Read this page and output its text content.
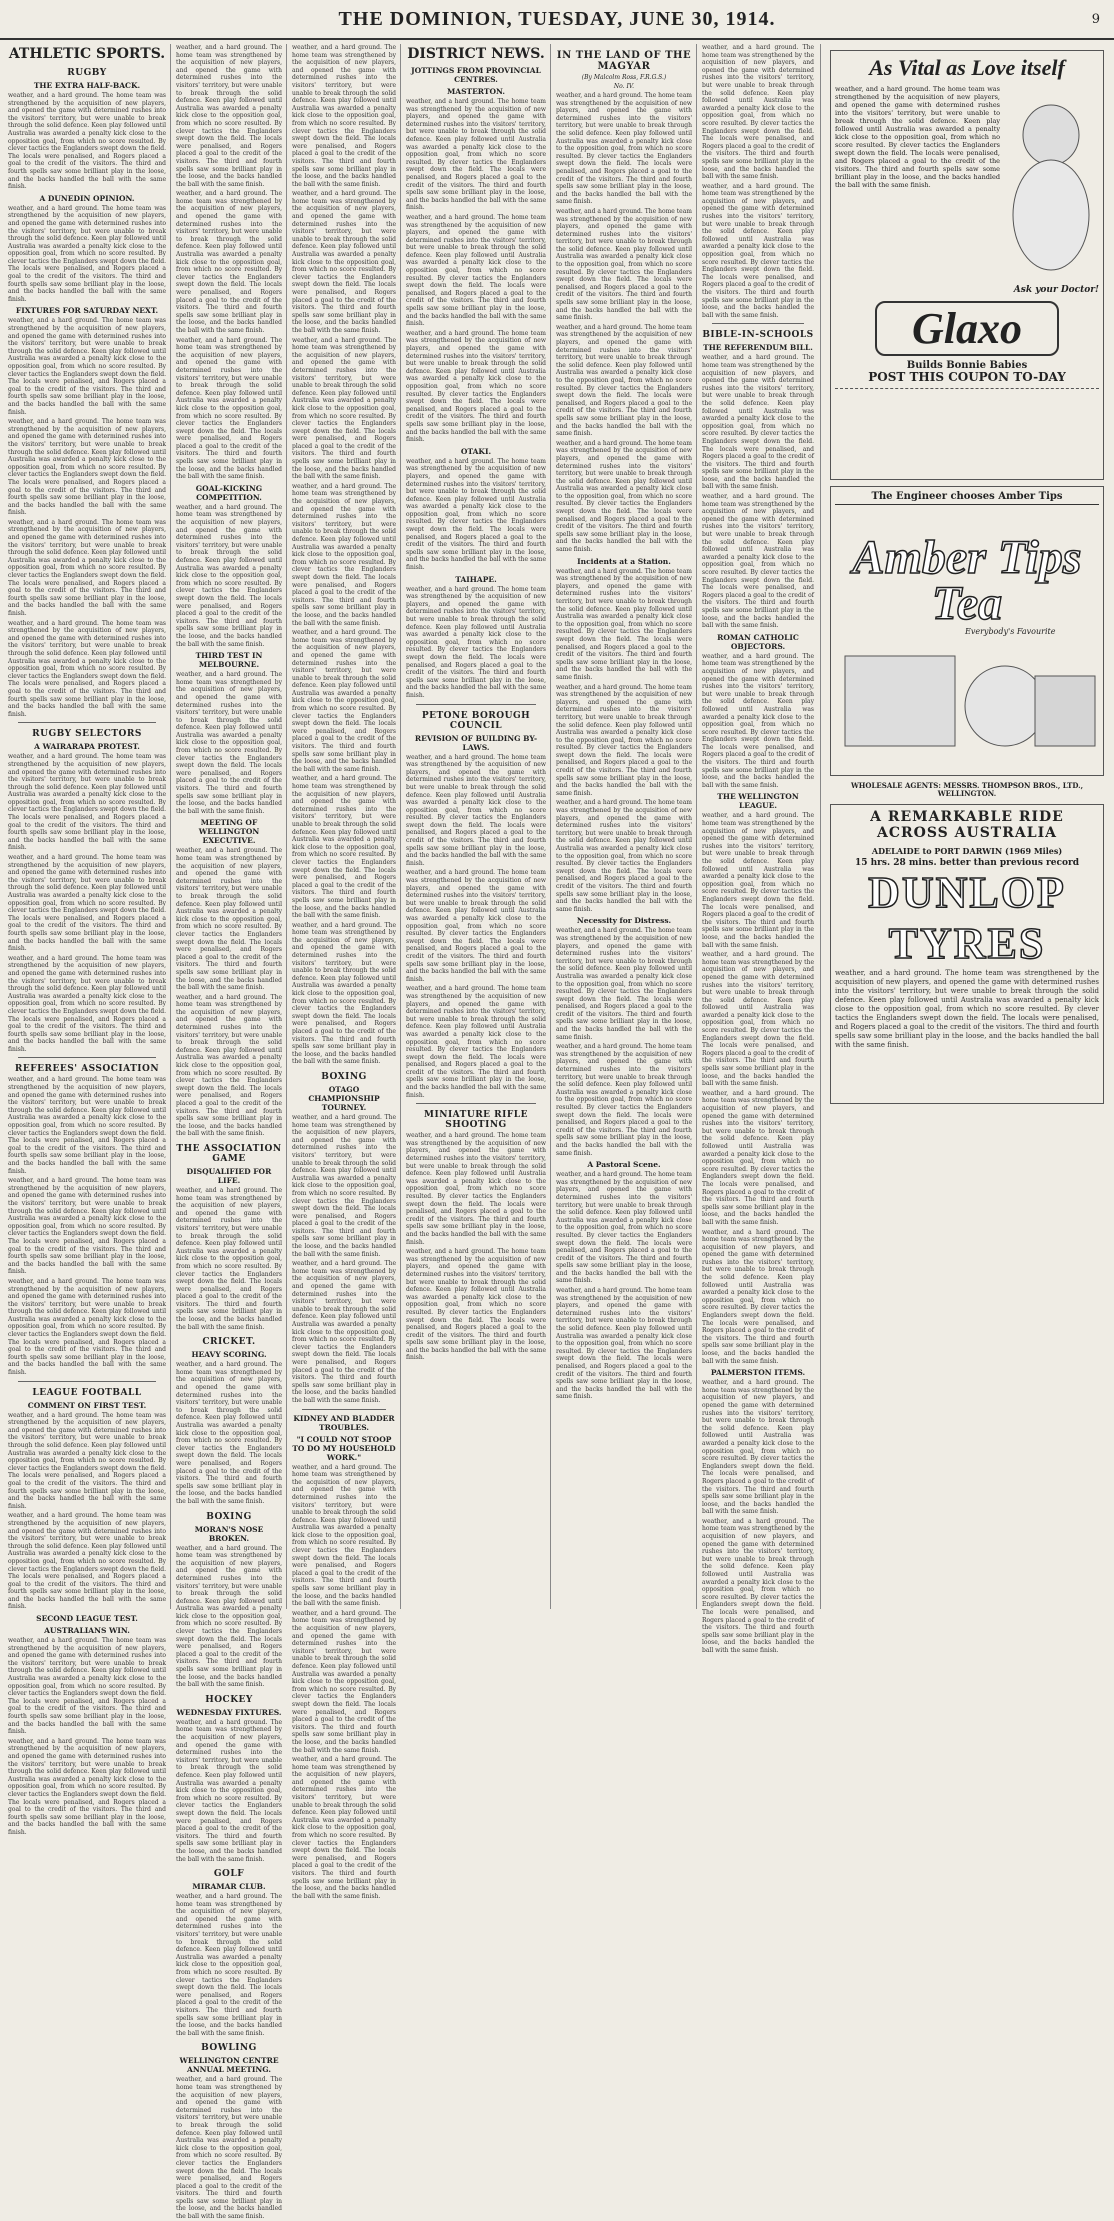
THE DOMINION, TUESDAY, JUNE 30, 1914.	9
ATHLETIC SPORTS.
RUGBY
THE EXTRA HALF-BACK.

weather, and a hard ground. The home team was strengthened by the acquisition of new players, and opened the game with determined rushes into the visitors' territory, but were unable to break through the solid defence. Keen play followed until Australia was awarded a penalty kick close to the opposition goal, from which no score resulted. By clever tactics the Englanders swept down the field. The locals were penalised, and Rogers placed a goal to the credit of the visitors. The third and fourth spells saw some brilliant play in the loose, and the backs handled the ball with the same finish.

A DUNEDIN OPINION.

weather, and a hard ground. The home team was strengthened by the acquisition of new players, and opened the game with determined rushes into the visitors' territory, but were unable to break through the solid defence. Keen play followed until Australia was awarded a penalty kick close to the opposition goal, from which no score resulted. By clever tactics the Englanders swept down the field. The locals were penalised, and Rogers placed a goal to the credit of the visitors. The third and fourth spells saw some brilliant play in the loose, and the backs handled the ball with the same finish.

FIXTURES FOR SATURDAY NEXT.

weather, and a hard ground. The home team was strengthened by the acquisition of new players, and opened the game with determined rushes into the visitors' territory, but were unable to break through the solid defence. Keen play followed until Australia was awarded a penalty kick close to the opposition goal, from which no score resulted. By clever tactics the Englanders swept down the field. The locals were penalised, and Rogers placed a goal to the credit of the visitors. The third and fourth spells saw some brilliant play in the loose, and the backs handled the ball with the same finish.

weather, and a hard ground. The home team was strengthened by the acquisition of new players, and opened the game with determined rushes into the visitors' territory, but were unable to break through the solid defence. Keen play followed until Australia was awarded a penalty kick close to the opposition goal, from which no score resulted. By clever tactics the Englanders swept down the field. The locals were penalised, and Rogers placed a goal to the credit of the visitors. The third and fourth spells saw some brilliant play in the loose, and the backs handled the ball with the same finish.

weather, and a hard ground. The home team was strengthened by the acquisition of new players, and opened the game with determined rushes into the visitors' territory, but were unable to break through the solid defence. Keen play followed until Australia was awarded a penalty kick close to the opposition goal, from which no score resulted. By clever tactics the Englanders swept down the field. The locals were penalised, and Rogers placed a goal to the credit of the visitors. The third and fourth spells saw some brilliant play in the loose, and the backs handled the ball with the same finish.

weather, and a hard ground. The home team was strengthened by the acquisition of new players, and opened the game with determined rushes into the visitors' territory, but were unable to break through the solid defence. Keen play followed until Australia was awarded a penalty kick close to the opposition goal, from which no score resulted. By clever tactics the Englanders swept down the field. The locals were penalised, and Rogers placed a goal to the credit of the visitors. The third and fourth spells saw some brilliant play in the loose, and the backs handled the ball with the same finish.

RUGBY SELECTORS
A WAIRARAPA PROTEST.

weather, and a hard ground. The home team was strengthened by the acquisition of new players, and opened the game with determined rushes into the visitors' territory, but were unable to break through the solid defence. Keen play followed until Australia was awarded a penalty kick close to the opposition goal, from which no score resulted. By clever tactics the Englanders swept down the field. The locals were penalised, and Rogers placed a goal to the credit of the visitors. The third and fourth spells saw some brilliant play in the loose, and the backs handled the ball with the same finish.

weather, and a hard ground. The home team was strengthened by the acquisition of new players, and opened the game with determined rushes into the visitors' territory, but were unable to break through the solid defence. Keen play followed until Australia was awarded a penalty kick close to the opposition goal, from which no score resulted. By clever tactics the Englanders swept down the field. The locals were penalised, and Rogers placed a goal to the credit of the visitors. The third and fourth spells saw some brilliant play in the loose, and the backs handled the ball with the same finish.

weather, and a hard ground. The home team was strengthened by the acquisition of new players, and opened the game with determined rushes into the visitors' territory, but were unable to break through the solid defence. Keen play followed until Australia was awarded a penalty kick close to the opposition goal, from which no score resulted. By clever tactics the Englanders swept down the field. The locals were penalised, and Rogers placed a goal to the credit of the visitors. The third and fourth spells saw some brilliant play in the loose, and the backs handled the ball with the same finish.

REFEREES' ASSOCIATION

weather, and a hard ground. The home team was strengthened by the acquisition of new players, and opened the game with determined rushes into the visitors' territory, but were unable to break through the solid defence. Keen play followed until Australia was awarded a penalty kick close to the opposition goal, from which no score resulted. By clever tactics the Englanders swept down the field. The locals were penalised, and Rogers placed a goal to the credit of the visitors. The third and fourth spells saw some brilliant play in the loose, and the backs handled the ball with the same finish.

weather, and a hard ground. The home team was strengthened by the acquisition of new players, and opened the game with determined rushes into the visitors' territory, but were unable to break through the solid defence. Keen play followed until Australia was awarded a penalty kick close to the opposition goal, from which no score resulted. By clever tactics the Englanders swept down the field. The locals were penalised, and Rogers placed a goal to the credit of the visitors. The third and fourth spells saw some brilliant play in the loose, and the backs handled the ball with the same finish.

weather, and a hard ground. The home team was strengthened by the acquisition of new players, and opened the game with determined rushes into the visitors' territory, but were unable to break through the solid defence. Keen play followed until Australia was awarded a penalty kick close to the opposition goal, from which no score resulted. By clever tactics the Englanders swept down the field. The locals were penalised, and Rogers placed a goal to the credit of the visitors. The third and fourth spells saw some brilliant play in the loose, and the backs handled the ball with the same finish.

LEAGUE FOOTBALL
COMMENT ON FIRST TEST.

weather, and a hard ground. The home team was strengthened by the acquisition of new players, and opened the game with determined rushes into the visitors' territory, but were unable to break through the solid defence. Keen play followed until Australia was awarded a penalty kick close to the opposition goal, from which no score resulted. By clever tactics the Englanders swept down the field. The locals were penalised, and Rogers placed a goal to the credit of the visitors. The third and fourth spells saw some brilliant play in the loose, and the backs handled the ball with the same finish.

weather, and a hard ground. The home team was strengthened by the acquisition of new players, and opened the game with determined rushes into the visitors' territory, but were unable to break through the solid defence. Keen play followed until Australia was awarded a penalty kick close to the opposition goal, from which no score resulted. By clever tactics the Englanders swept down the field. The locals were penalised, and Rogers placed a goal to the credit of the visitors. The third and fourth spells saw some brilliant play in the loose, and the backs handled the ball with the same finish.

SECOND LEAGUE TEST.
AUSTRALIANS WIN.

weather, and a hard ground. The home team was strengthened by the acquisition of new players, and opened the game with determined rushes into the visitors' territory, but were unable to break through the solid defence. Keen play followed until Australia was awarded a penalty kick close to the opposition goal, from which no score resulted. By clever tactics the Englanders swept down the field. The locals were penalised, and Rogers placed a goal to the credit of the visitors. The third and fourth spells saw some brilliant play in the loose, and the backs handled the ball with the same finish.

weather, and a hard ground. The home team was strengthened by the acquisition of new players, and opened the game with determined rushes into the visitors' territory, but were unable to break through the solid defence. Keen play followed until Australia was awarded a penalty kick close to the opposition goal, from which no score resulted. By clever tactics the Englanders swept down the field. The locals were penalised, and Rogers placed a goal to the credit of the visitors. The third and fourth spells saw some brilliant play in the loose, and the backs handled the ball with the same finish.

weather, and a hard ground. The home team was strengthened by the acquisition of new players, and opened the game with determined rushes into the visitors' territory, but were unable to break through the solid defence. Keen play followed until Australia was awarded a penalty kick close to the opposition goal, from which no score resulted. By clever tactics the Englanders swept down the field. The locals were penalised, and Rogers placed a goal to the credit of the visitors. The third and fourth spells saw some brilliant play in the loose, and the backs handled the ball with the same finish.

weather, and a hard ground. The home team was strengthened by the acquisition of new players, and opened the game with determined rushes into the visitors' territory, but were unable to break through the solid defence. Keen play followed until Australia was awarded a penalty kick close to the opposition goal, from which no score resulted. By clever tactics the Englanders swept down the field. The locals were penalised, and Rogers placed a goal to the credit of the visitors. The third and fourth spells saw some brilliant play in the loose, and the backs handled the ball with the same finish.

weather, and a hard ground. The home team was strengthened by the acquisition of new players, and opened the game with determined rushes into the visitors' territory, but were unable to break through the solid defence. Keen play followed until Australia was awarded a penalty kick close to the opposition goal, from which no score resulted. By clever tactics the Englanders swept down the field. The locals were penalised, and Rogers placed a goal to the credit of the visitors. The third and fourth spells saw some brilliant play in the loose, and the backs handled the ball with the same finish.

GOAL-KICKING COMPETITION.

weather, and a hard ground. The home team was strengthened by the acquisition of new players, and opened the game with determined rushes into the visitors' territory, but were unable to break through the solid defence. Keen play followed until Australia was awarded a penalty kick close to the opposition goal, from which no score resulted. By clever tactics the Englanders swept down the field. The locals were penalised, and Rogers placed a goal to the credit of the visitors. The third and fourth spells saw some brilliant play in the loose, and the backs handled the ball with the same finish.

THIRD TEST IN MELBOURNE.

weather, and a hard ground. The home team was strengthened by the acquisition of new players, and opened the game with determined rushes into the visitors' territory, but were unable to break through the solid defence. Keen play followed until Australia was awarded a penalty kick close to the opposition goal, from which no score resulted. By clever tactics the Englanders swept down the field. The locals were penalised, and Rogers placed a goal to the credit of the visitors. The third and fourth spells saw some brilliant play in the loose, and the backs handled the ball with the same finish.

MEETING OF WELLINGTON EXECUTIVE.

weather, and a hard ground. The home team was strengthened by the acquisition of new players, and opened the game with determined rushes into the visitors' territory, but were unable to break through the solid defence. Keen play followed until Australia was awarded a penalty kick close to the opposition goal, from which no score resulted. By clever tactics the Englanders swept down the field. The locals were penalised, and Rogers placed a goal to the credit of the visitors. The third and fourth spells saw some brilliant play in the loose, and the backs handled the ball with the same finish.

weather, and a hard ground. The home team was strengthened by the acquisition of new players, and opened the game with determined rushes into the visitors' territory, but were unable to break through the solid defence. Keen play followed until Australia was awarded a penalty kick close to the opposition goal, from which no score resulted. By clever tactics the Englanders swept down the field. The locals were penalised, and Rogers placed a goal to the credit of the visitors. The third and fourth spells saw some brilliant play in the loose, and the backs handled the ball with the same finish.

THE ASSOCIATION GAME
DISQUALIFIED FOR LIFE.

weather, and a hard ground. The home team was strengthened by the acquisition of new players, and opened the game with determined rushes into the visitors' territory, but were unable to break through the solid defence. Keen play followed until Australia was awarded a penalty kick close to the opposition goal, from which no score resulted. By clever tactics the Englanders swept down the field. The locals were penalised, and Rogers placed a goal to the credit of the visitors. The third and fourth spells saw some brilliant play in the loose, and the backs handled the ball with the same finish.

CRICKET.
HEAVY SCORING.

weather, and a hard ground. The home team was strengthened by the acquisition of new players, and opened the game with determined rushes into the visitors' territory, but were unable to break through the solid defence. Keen play followed until Australia was awarded a penalty kick close to the opposition goal, from which no score resulted. By clever tactics the Englanders swept down the field. The locals were penalised, and Rogers placed a goal to the credit of the visitors. The third and fourth spells saw some brilliant play in the loose, and the backs handled the ball with the same finish.

BOXING
MORAN'S NOSE BROKEN.

weather, and a hard ground. The home team was strengthened by the acquisition of new players, and opened the game with determined rushes into the visitors' territory, but were unable to break through the solid defence. Keen play followed until Australia was awarded a penalty kick close to the opposition goal, from which no score resulted. By clever tactics the Englanders swept down the field. The locals were penalised, and Rogers placed a goal to the credit of the visitors. The third and fourth spells saw some brilliant play in the loose, and the backs handled the ball with the same finish.

HOCKEY
WEDNESDAY FIXTURES.

weather, and a hard ground. The home team was strengthened by the acquisition of new players, and opened the game with determined rushes into the visitors' territory, but were unable to break through the solid defence. Keen play followed until Australia was awarded a penalty kick close to the opposition goal, from which no score resulted. By clever tactics the Englanders swept down the field. The locals were penalised, and Rogers placed a goal to the credit of the visitors. The third and fourth spells saw some brilliant play in the loose, and the backs handled the ball with the same finish.

GOLF
MIRAMAR CLUB.

weather, and a hard ground. The home team was strengthened by the acquisition of new players, and opened the game with determined rushes into the visitors' territory, but were unable to break through the solid defence. Keen play followed until Australia was awarded a penalty kick close to the opposition goal, from which no score resulted. By clever tactics the Englanders swept down the field. The locals were penalised, and Rogers placed a goal to the credit of the visitors. The third and fourth spells saw some brilliant play in the loose, and the backs handled the ball with the same finish.

BOWLING
WELLINGTON CENTRE ANNUAL MEETING.

weather, and a hard ground. The home team was strengthened by the acquisition of new players, and opened the game with determined rushes into the visitors' territory, but were unable to break through the solid defence. Keen play followed until Australia was awarded a penalty kick close to the opposition goal, from which no score resulted. By clever tactics the Englanders swept down the field. The locals were penalised, and Rogers placed a goal to the credit of the visitors. The third and fourth spells saw some brilliant play in the loose, and the backs handled the ball with the same finish.

weather, and a hard ground. The home team was strengthened by the acquisition of new players, and opened the game with determined rushes into the visitors' territory, but were unable to break through the solid defence. Keen play followed until Australia was awarded a penalty kick close to the opposition goal, from which no score resulted. By clever tactics the Englanders swept down the field. The locals were penalised, and Rogers placed a goal to the credit of the visitors. The third and fourth spells saw some brilliant play in the loose, and the backs handled the ball with the same finish.

weather, and a hard ground. The home team was strengthened by the acquisition of new players, and opened the game with determined rushes into the visitors' territory, but were unable to break through the solid defence. Keen play followed until Australia was awarded a penalty kick close to the opposition goal, from which no score resulted. By clever tactics the Englanders swept down the field. The locals were penalised, and Rogers placed a goal to the credit of the visitors. The third and fourth spells saw some brilliant play in the loose, and the backs handled the ball with the same finish.

weather, and a hard ground. The home team was strengthened by the acquisition of new players, and opened the game with determined rushes into the visitors' territory, but were unable to break through the solid defence. Keen play followed until Australia was awarded a penalty kick close to the opposition goal, from which no score resulted. By clever tactics the Englanders swept down the field. The locals were penalised, and Rogers placed a goal to the credit of the visitors. The third and fourth spells saw some brilliant play in the loose, and the backs handled the ball with the same finish.

weather, and a hard ground. The home team was strengthened by the acquisition of new players, and opened the game with determined rushes into the visitors' territory, but were unable to break through the solid defence. Keen play followed until Australia was awarded a penalty kick close to the opposition goal, from which no score resulted. By clever tactics the Englanders swept down the field. The locals were penalised, and Rogers placed a goal to the credit of the visitors. The third and fourth spells saw some brilliant play in the loose, and the backs handled the ball with the same finish.

weather, and a hard ground. The home team was strengthened by the acquisition of new players, and opened the game with determined rushes into the visitors' territory, but were unable to break through the solid defence. Keen play followed until Australia was awarded a penalty kick close to the opposition goal, from which no score resulted. By clever tactics the Englanders swept down the field. The locals were penalised, and Rogers placed a goal to the credit of the visitors. The third and fourth spells saw some brilliant play in the loose, and the backs handled the ball with the same finish.

weather, and a hard ground. The home team was strengthened by the acquisition of new players, and opened the game with determined rushes into the visitors' territory, but were unable to break through the solid defence. Keen play followed until Australia was awarded a penalty kick close to the opposition goal, from which no score resulted. By clever tactics the Englanders swept down the field. The locals were penalised, and Rogers placed a goal to the credit of the visitors. The third and fourth spells saw some brilliant play in the loose, and the backs handled the ball with the same finish.

weather, and a hard ground. The home team was strengthened by the acquisition of new players, and opened the game with determined rushes into the visitors' territory, but were unable to break through the solid defence. Keen play followed until Australia was awarded a penalty kick close to the opposition goal, from which no score resulted. By clever tactics the Englanders swept down the field. The locals were penalised, and Rogers placed a goal to the credit of the visitors. The third and fourth spells saw some brilliant play in the loose, and the backs handled the ball with the same finish.

BOXING
OTAGO CHAMPIONSHIP TOURNEY.

weather, and a hard ground. The home team was strengthened by the acquisition of new players, and opened the game with determined rushes into the visitors' territory, but were unable to break through the solid defence. Keen play followed until Australia was awarded a penalty kick close to the opposition goal, from which no score resulted. By clever tactics the Englanders swept down the field. The locals were penalised, and Rogers placed a goal to the credit of the visitors. The third and fourth spells saw some brilliant play in the loose, and the backs handled the ball with the same finish.

weather, and a hard ground. The home team was strengthened by the acquisition of new players, and opened the game with determined rushes into the visitors' territory, but were unable to break through the solid defence. Keen play followed until Australia was awarded a penalty kick close to the opposition goal, from which no score resulted. By clever tactics the Englanders swept down the field. The locals were penalised, and Rogers placed a goal to the credit of the visitors. The third and fourth spells saw some brilliant play in the loose, and the backs handled the ball with the same finish.

KIDNEY AND BLADDER TROUBLES.
"I COULD NOT STOOP TO DO MY HOUSEHOLD WORK."

weather, and a hard ground. The home team was strengthened by the acquisition of new players, and opened the game with determined rushes into the visitors' territory, but were unable to break through the solid defence. Keen play followed until Australia was awarded a penalty kick close to the opposition goal, from which no score resulted. By clever tactics the Englanders swept down the field. The locals were penalised, and Rogers placed a goal to the credit of the visitors. The third and fourth spells saw some brilliant play in the loose, and the backs handled the ball with the same finish.

weather, and a hard ground. The home team was strengthened by the acquisition of new players, and opened the game with determined rushes into the visitors' territory, but were unable to break through the solid defence. Keen play followed until Australia was awarded a penalty kick close to the opposition goal, from which no score resulted. By clever tactics the Englanders swept down the field. The locals were penalised, and Rogers placed a goal to the credit of the visitors. The third and fourth spells saw some brilliant play in the loose, and the backs handled the ball with the same finish.

weather, and a hard ground. The home team was strengthened by the acquisition of new players, and opened the game with determined rushes into the visitors' territory, but were unable to break through the solid defence. Keen play followed until Australia was awarded a penalty kick close to the opposition goal, from which no score resulted. By clever tactics the Englanders swept down the field. The locals were penalised, and Rogers placed a goal to the credit of the visitors. The third and fourth spells saw some brilliant play in the loose, and the backs handled the ball with the same finish.

DISTRICT NEWS.
JOTTINGS FROM PROVINCIAL CENTRES.
MASTERTON.

weather, and a hard ground. The home team was strengthened by the acquisition of new players, and opened the game with determined rushes into the visitors' territory, but were unable to break through the solid defence. Keen play followed until Australia was awarded a penalty kick close to the opposition goal, from which no score resulted. By clever tactics the Englanders swept down the field. The locals were penalised, and Rogers placed a goal to the credit of the visitors. The third and fourth spells saw some brilliant play in the loose, and the backs handled the ball with the same finish.

weather, and a hard ground. The home team was strengthened by the acquisition of new players, and opened the game with determined rushes into the visitors' territory, but were unable to break through the solid defence. Keen play followed until Australia was awarded a penalty kick close to the opposition goal, from which no score resulted. By clever tactics the Englanders swept down the field. The locals were penalised, and Rogers placed a goal to the credit of the visitors. The third and fourth spells saw some brilliant play in the loose, and the backs handled the ball with the same finish.

weather, and a hard ground. The home team was strengthened by the acquisition of new players, and opened the game with determined rushes into the visitors' territory, but were unable to break through the solid defence. Keen play followed until Australia was awarded a penalty kick close to the opposition goal, from which no score resulted. By clever tactics the Englanders swept down the field. The locals were penalised, and Rogers placed a goal to the credit of the visitors. The third and fourth spells saw some brilliant play in the loose, and the backs handled the ball with the same finish.

OTAKI.

weather, and a hard ground. The home team was strengthened by the acquisition of new players, and opened the game with determined rushes into the visitors' territory, but were unable to break through the solid defence. Keen play followed until Australia was awarded a penalty kick close to the opposition goal, from which no score resulted. By clever tactics the Englanders swept down the field. The locals were penalised, and Rogers placed a goal to the credit of the visitors. The third and fourth spells saw some brilliant play in the loose, and the backs handled the ball with the same finish.

TAIHAPE.

weather, and a hard ground. The home team was strengthened by the acquisition of new players, and opened the game with determined rushes into the visitors' territory, but were unable to break through the solid defence. Keen play followed until Australia was awarded a penalty kick close to the opposition goal, from which no score resulted. By clever tactics the Englanders swept down the field. The locals were penalised, and Rogers placed a goal to the credit of the visitors. The third and fourth spells saw some brilliant play in the loose, and the backs handled the ball with the same finish.

PETONE BOROUGH COUNCIL
REVISION OF BUILDING BY-LAWS.

weather, and a hard ground. The home team was strengthened by the acquisition of new players, and opened the game with determined rushes into the visitors' territory, but were unable to break through the solid defence. Keen play followed until Australia was awarded a penalty kick close to the opposition goal, from which no score resulted. By clever tactics the Englanders swept down the field. The locals were penalised, and Rogers placed a goal to the credit of the visitors. The third and fourth spells saw some brilliant play in the loose, and the backs handled the ball with the same finish.

weather, and a hard ground. The home team was strengthened by the acquisition of new players, and opened the game with determined rushes into the visitors' territory, but were unable to break through the solid defence. Keen play followed until Australia was awarded a penalty kick close to the opposition goal, from which no score resulted. By clever tactics the Englanders swept down the field. The locals were penalised, and Rogers placed a goal to the credit of the visitors. The third and fourth spells saw some brilliant play in the loose, and the backs handled the ball with the same finish.

weather, and a hard ground. The home team was strengthened by the acquisition of new players, and opened the game with determined rushes into the visitors' territory, but were unable to break through the solid defence. Keen play followed until Australia was awarded a penalty kick close to the opposition goal, from which no score resulted. By clever tactics the Englanders swept down the field. The locals were penalised, and Rogers placed a goal to the credit of the visitors. The third and fourth spells saw some brilliant play in the loose, and the backs handled the ball with the same finish.

MINIATURE RIFLE SHOOTING

weather, and a hard ground. The home team was strengthened by the acquisition of new players, and opened the game with determined rushes into the visitors' territory, but were unable to break through the solid defence. Keen play followed until Australia was awarded a penalty kick close to the opposition goal, from which no score resulted. By clever tactics the Englanders swept down the field. The locals were penalised, and Rogers placed a goal to the credit of the visitors. The third and fourth spells saw some brilliant play in the loose, and the backs handled the ball with the same finish.

weather, and a hard ground. The home team was strengthened by the acquisition of new players, and opened the game with determined rushes into the visitors' territory, but were unable to break through the solid defence. Keen play followed until Australia was awarded a penalty kick close to the opposition goal, from which no score resulted. By clever tactics the Englanders swept down the field. The locals were penalised, and Rogers placed a goal to the credit of the visitors. The third and fourth spells saw some brilliant play in the loose, and the backs handled the ball with the same finish.

IN THE LAND OF THE MAGYAR

(By Malcolm Ross, F.R.G.S.)

No. IV.

weather, and a hard ground. The home team was strengthened by the acquisition of new players, and opened the game with determined rushes into the visitors' territory, but were unable to break through the solid defence. Keen play followed until Australia was awarded a penalty kick close to the opposition goal, from which no score resulted. By clever tactics the Englanders swept down the field. The locals were penalised, and Rogers placed a goal to the credit of the visitors. The third and fourth spells saw some brilliant play in the loose, and the backs handled the ball with the same finish.

weather, and a hard ground. The home team was strengthened by the acquisition of new players, and opened the game with determined rushes into the visitors' territory, but were unable to break through the solid defence. Keen play followed until Australia was awarded a penalty kick close to the opposition goal, from which no score resulted. By clever tactics the Englanders swept down the field. The locals were penalised, and Rogers placed a goal to the credit of the visitors. The third and fourth spells saw some brilliant play in the loose, and the backs handled the ball with the same finish.

weather, and a hard ground. The home team was strengthened by the acquisition of new players, and opened the game with determined rushes into the visitors' territory, but were unable to break through the solid defence. Keen play followed until Australia was awarded a penalty kick close to the opposition goal, from which no score resulted. By clever tactics the Englanders swept down the field. The locals were penalised, and Rogers placed a goal to the credit of the visitors. The third and fourth spells saw some brilliant play in the loose, and the backs handled the ball with the same finish.

weather, and a hard ground. The home team was strengthened by the acquisition of new players, and opened the game with determined rushes into the visitors' territory, but were unable to break through the solid defence. Keen play followed until Australia was awarded a penalty kick close to the opposition goal, from which no score resulted. By clever tactics the Englanders swept down the field. The locals were penalised, and Rogers placed a goal to the credit of the visitors. The third and fourth spells saw some brilliant play in the loose, and the backs handled the ball with the same finish.

Incidents at a Station.

weather, and a hard ground. The home team was strengthened by the acquisition of new players, and opened the game with determined rushes into the visitors' territory, but were unable to break through the solid defence. Keen play followed until Australia was awarded a penalty kick close to the opposition goal, from which no score resulted. By clever tactics the Englanders swept down the field. The locals were penalised, and Rogers placed a goal to the credit of the visitors. The third and fourth spells saw some brilliant play in the loose, and the backs handled the ball with the same finish.

weather, and a hard ground. The home team was strengthened by the acquisition of new players, and opened the game with determined rushes into the visitors' territory, but were unable to break through the solid defence. Keen play followed until Australia was awarded a penalty kick close to the opposition goal, from which no score resulted. By clever tactics the Englanders swept down the field. The locals were penalised, and Rogers placed a goal to the credit of the visitors. The third and fourth spells saw some brilliant play in the loose, and the backs handled the ball with the same finish.

weather, and a hard ground. The home team was strengthened by the acquisition of new players, and opened the game with determined rushes into the visitors' territory, but were unable to break through the solid defence. Keen play followed until Australia was awarded a penalty kick close to the opposition goal, from which no score resulted. By clever tactics the Englanders swept down the field. The locals were penalised, and Rogers placed a goal to the credit of the visitors. The third and fourth spells saw some brilliant play in the loose, and the backs handled the ball with the same finish.

Necessity for Distress.

weather, and a hard ground. The home team was strengthened by the acquisition of new players, and opened the game with determined rushes into the visitors' territory, but were unable to break through the solid defence. Keen play followed until Australia was awarded a penalty kick close to the opposition goal, from which no score resulted. By clever tactics the Englanders swept down the field. The locals were penalised, and Rogers placed a goal to the credit of the visitors. The third and fourth spells saw some brilliant play in the loose, and the backs handled the ball with the same finish.

weather, and a hard ground. The home team was strengthened by the acquisition of new players, and opened the game with determined rushes into the visitors' territory, but were unable to break through the solid defence. Keen play followed until Australia was awarded a penalty kick close to the opposition goal, from which no score resulted. By clever tactics the Englanders swept down the field. The locals were penalised, and Rogers placed a goal to the credit of the visitors. The third and fourth spells saw some brilliant play in the loose, and the backs handled the ball with the same finish.

A Pastoral Scene.

weather, and a hard ground. The home team was strengthened by the acquisition of new players, and opened the game with determined rushes into the visitors' territory, but were unable to break through the solid defence. Keen play followed until Australia was awarded a penalty kick close to the opposition goal, from which no score resulted. By clever tactics the Englanders swept down the field. The locals were penalised, and Rogers placed a goal to the credit of the visitors. The third and fourth spells saw some brilliant play in the loose, and the backs handled the ball with the same finish.

weather, and a hard ground. The home team was strengthened by the acquisition of new players, and opened the game with determined rushes into the visitors' territory, but were unable to break through the solid defence. Keen play followed until Australia was awarded a penalty kick close to the opposition goal, from which no score resulted. By clever tactics the Englanders swept down the field. The locals were penalised, and Rogers placed a goal to the credit of the visitors. The third and fourth spells saw some brilliant play in the loose, and the backs handled the ball with the same finish.

weather, and a hard ground. The home team was strengthened by the acquisition of new players, and opened the game with determined rushes into the visitors' territory, but were unable to break through the solid defence. Keen play followed until Australia was awarded a penalty kick close to the opposition goal, from which no score resulted. By clever tactics the Englanders swept down the field. The locals were penalised, and Rogers placed a goal to the credit of the visitors. The third and fourth spells saw some brilliant play in the loose, and the backs handled the ball with the same finish.

weather, and a hard ground. The home team was strengthened by the acquisition of new players, and opened the game with determined rushes into the visitors' territory, but were unable to break through the solid defence. Keen play followed until Australia was awarded a penalty kick close to the opposition goal, from which no score resulted. By clever tactics the Englanders swept down the field. The locals were penalised, and Rogers placed a goal to the credit of the visitors. The third and fourth spells saw some brilliant play in the loose, and the backs handled the ball with the same finish.

BIBLE-IN-SCHOOLS
THE REFERENDUM BILL.

weather, and a hard ground. The home team was strengthened by the acquisition of new players, and opened the game with determined rushes into the visitors' territory, but were unable to break through the solid defence. Keen play followed until Australia was awarded a penalty kick close to the opposition goal, from which no score resulted. By clever tactics the Englanders swept down the field. The locals were penalised, and Rogers placed a goal to the credit of the visitors. The third and fourth spells saw some brilliant play in the loose, and the backs handled the ball with the same finish.

weather, and a hard ground. The home team was strengthened by the acquisition of new players, and opened the game with determined rushes into the visitors' territory, but were unable to break through the solid defence. Keen play followed until Australia was awarded a penalty kick close to the opposition goal, from which no score resulted. By clever tactics the Englanders swept down the field. The locals were penalised, and Rogers placed a goal to the credit of the visitors. The third and fourth spells saw some brilliant play in the loose, and the backs handled the ball with the same finish.

ROMAN CATHOLIC OBJECTORS.

weather, and a hard ground. The home team was strengthened by the acquisition of new players, and opened the game with determined rushes into the visitors' territory, but were unable to break through the solid defence. Keen play followed until Australia was awarded a penalty kick close to the opposition goal, from which no score resulted. By clever tactics the Englanders swept down the field. The locals were penalised, and Rogers placed a goal to the credit of the visitors. The third and fourth spells saw some brilliant play in the loose, and the backs handled the ball with the same finish.

THE WELLINGTON LEAGUE.

weather, and a hard ground. The home team was strengthened by the acquisition of new players, and opened the game with determined rushes into the visitors' territory, but were unable to break through the solid defence. Keen play followed until Australia was awarded a penalty kick close to the opposition goal, from which no score resulted. By clever tactics the Englanders swept down the field. The locals were penalised, and Rogers placed a goal to the credit of the visitors. The third and fourth spells saw some brilliant play in the loose, and the backs handled the ball with the same finish.

weather, and a hard ground. The home team was strengthened by the acquisition of new players, and opened the game with determined rushes into the visitors' territory, but were unable to break through the solid defence. Keen play followed until Australia was awarded a penalty kick close to the opposition goal, from which no score resulted. By clever tactics the Englanders swept down the field. The locals were penalised, and Rogers placed a goal to the credit of the visitors. The third and fourth spells saw some brilliant play in the loose, and the backs handled the ball with the same finish.

weather, and a hard ground. The home team was strengthened by the acquisition of new players, and opened the game with determined rushes into the visitors' territory, but were unable to break through the solid defence. Keen play followed until Australia was awarded a penalty kick close to the opposition goal, from which no score resulted. By clever tactics the Englanders swept down the field. The locals were penalised, and Rogers placed a goal to the credit of the visitors. The third and fourth spells saw some brilliant play in the loose, and the backs handled the ball with the same finish.

weather, and a hard ground. The home team was strengthened by the acquisition of new players, and opened the game with determined rushes into the visitors' territory, but were unable to break through the solid defence. Keen play followed until Australia was awarded a penalty kick close to the opposition goal, from which no score resulted. By clever tactics the Englanders swept down the field. The locals were penalised, and Rogers placed a goal to the credit of the visitors. The third and fourth spells saw some brilliant play in the loose, and the backs handled the ball with the same finish.

PALMERSTON ITEMS.

weather, and a hard ground. The home team was strengthened by the acquisition of new players, and opened the game with determined rushes into the visitors' territory, but were unable to break through the solid defence. Keen play followed until Australia was awarded a penalty kick close to the opposition goal, from which no score resulted. By clever tactics the Englanders swept down the field. The locals were penalised, and Rogers placed a goal to the credit of the visitors. The third and fourth spells saw some brilliant play in the loose, and the backs handled the ball with the same finish.

weather, and a hard ground. The home team was strengthened by the acquisition of new players, and opened the game with determined rushes into the visitors' territory, but were unable to break through the solid defence. Keen play followed until Australia was awarded a penalty kick close to the opposition goal, from which no score resulted. By clever tactics the Englanders swept down the field. The locals were penalised, and Rogers placed a goal to the credit of the visitors. The third and fourth spells saw some brilliant play in the loose, and the backs handled the ball with the same finish.

As Vital as Love itself
weather, and a hard ground. The home team was strengthened by the acquisition of new players, and opened the game with determined rushes into the visitors' territory, but were unable to break through the solid defence. Keen play followed until Australia was awarded a penalty kick close to the opposition goal, from which no score resulted. By clever tactics the Englanders swept down the field. The locals were penalised, and Rogers placed a goal to the credit of the visitors. The third and fourth spells saw some brilliant play in the loose, and the backs handled the ball with the same finish.
Ask your Doctor!
Glaxo
Builds Bonnie Babies
POST THIS COUPON TO-DAY
The Engineer chooses Amber Tips
Amber Tips Tea
Everybody's Favourite
WHOLESALE AGENTS: MESSRS. THOMPSON BROS., LTD., WELLINGTON.
A REMARKABLE RIDE ACROSS AUSTRALIA
ADELAIDE to PORT DARWIN (1969 Miles)
15 hrs. 28 mins. better than previous record
DUNLOP TYRES

weather, and a hard ground. The home team was strengthened by the acquisition of new players, and opened the game with determined rushes into the visitors' territory, but were unable to break through the solid defence. Keen play followed until Australia was awarded a penalty kick close to the opposition goal, from which no score resulted. By clever tactics the Englanders swept down the field. The locals were penalised, and Rogers placed a goal to the credit of the visitors. The third and fourth spells saw some brilliant play in the loose, and the backs handled the ball with the same finish.
